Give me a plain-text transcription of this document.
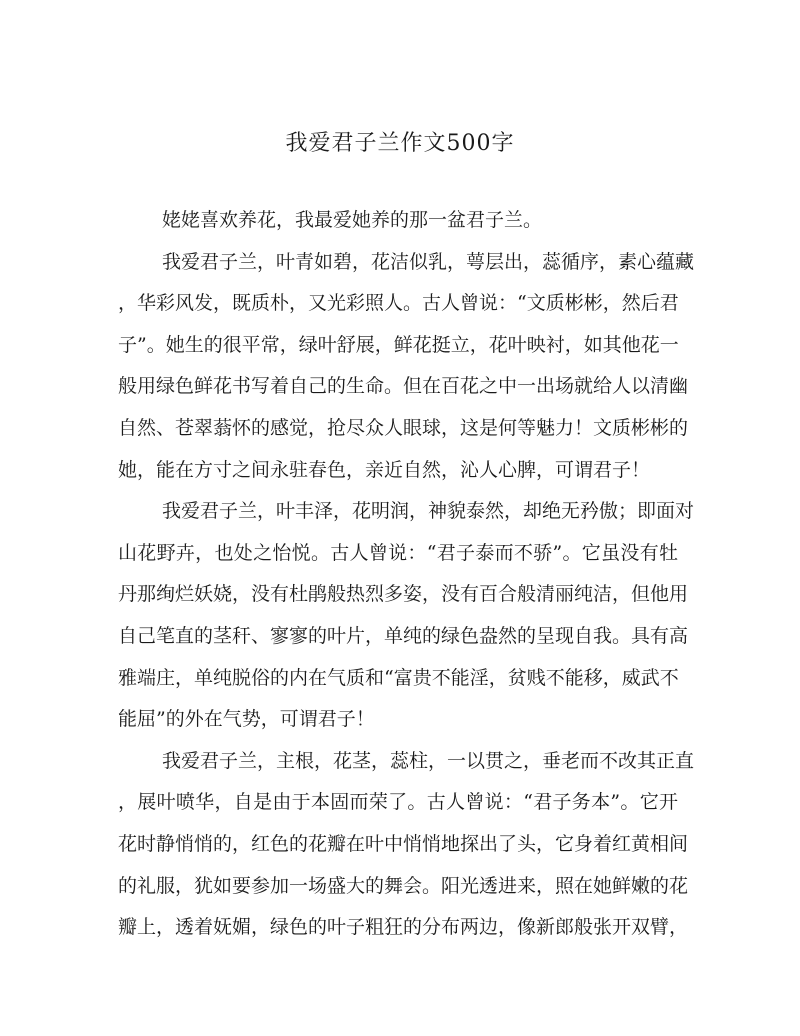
我爱君子兰作文500字
姥姥喜欢养花，我最爱她养的那一盆君子兰。
我爱君子兰，叶青如碧，花洁似乳，萼层出，蕊循序，素心蕴藏
，华彩风发，既质朴，又光彩照人。古人曾说：“文质彬彬，然后君
子”。她生的很平常，绿叶舒展，鲜花挺立，花叶映衬，如其他花一
般用绿色鲜花书写着自己的生命。但在百花之中一出场就给人以清幽
自然、苍翠蓊怀的感觉，抢尽众人眼球，这是何等魅力！文质彬彬的
她，能在方寸之间永驻春色，亲近自然，沁人心脾，可谓君子！
我爱君子兰，叶丰泽，花明润，神貌泰然，却绝无矜傲；即面对
山花野卉，也处之怡悦。古人曾说：“君子泰而不骄”。它虽没有牡
丹那绚烂妖娆，没有杜鹃般热烈多姿，没有百合般清丽纯洁，但他用
自己笔直的茎秆、寥寥的叶片，单纯的绿色盎然的呈现自我。具有高
雅端庄，单纯脱俗的内在气质和“富贵不能淫，贫贱不能移，威武不
能屈”的外在气势，可谓君子！
我爱君子兰，主根，花茎，蕊柱，一以贯之，垂老而不改其正直
，展叶喷华，自是由于本固而荣了。古人曾说：“君子务本”。它开
花时静悄悄的，红色的花瓣在叶中悄悄地探出了头，它身着红黄相间
的礼服，犹如要参加一场盛大的舞会。阳光透进来，照在她鲜嫩的花
瓣上，透着妩媚，绿色的叶子粗狂的分布两边，像新郎般张开双臂，
